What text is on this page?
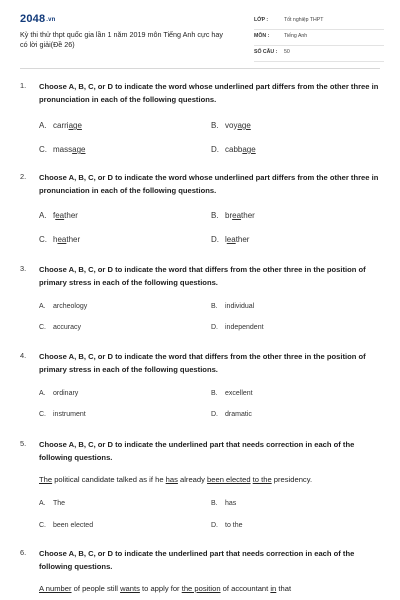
2048.vn
Kỳ thi thử thpt quốc gia lần 1 năm 2019 môn Tiếng Anh cực hay có lời giải(Đề 26)
LỚP :	Tốt nghiệp THPT
MÔN :	Tiếng Anh
SỐ CÂU : 50
1. Choose A, B, C, or D to indicate the word whose underlined part differs from the other three in pronunciation in each of the following questions.
A. carriage	B. voyage
C. massage	D. cabbage
2. Choose A, B, C, or D to indicate the word whose underlined part differs from the other three in pronunciation in each of the following questions.
A. feather	B. breather
C. heather	D. leather
3. Choose A, B, C, or D to indicate the word that differs from the other three in the position of primary stress in each of the following questions.
A. archeology	B. individual
C. accuracy	D. independent
4. Choose A, B, C, or D to indicate the word that differs from the other three in the position of primary stress in each of the following questions.
A. ordinary	B. excellent
C. instrument	D. dramatic
5. Choose A, B, C, or D to indicate the underlined part that needs correction in each of the following questions.
The political candidate talked as if he has already been elected to the presidency.
A. The	B. has
C. been elected	D. to the
6. Choose A, B, C, or D to indicate the underlined part that needs correction in each of the following questions.
A number of people still wants to apply for the position of accountant in that
